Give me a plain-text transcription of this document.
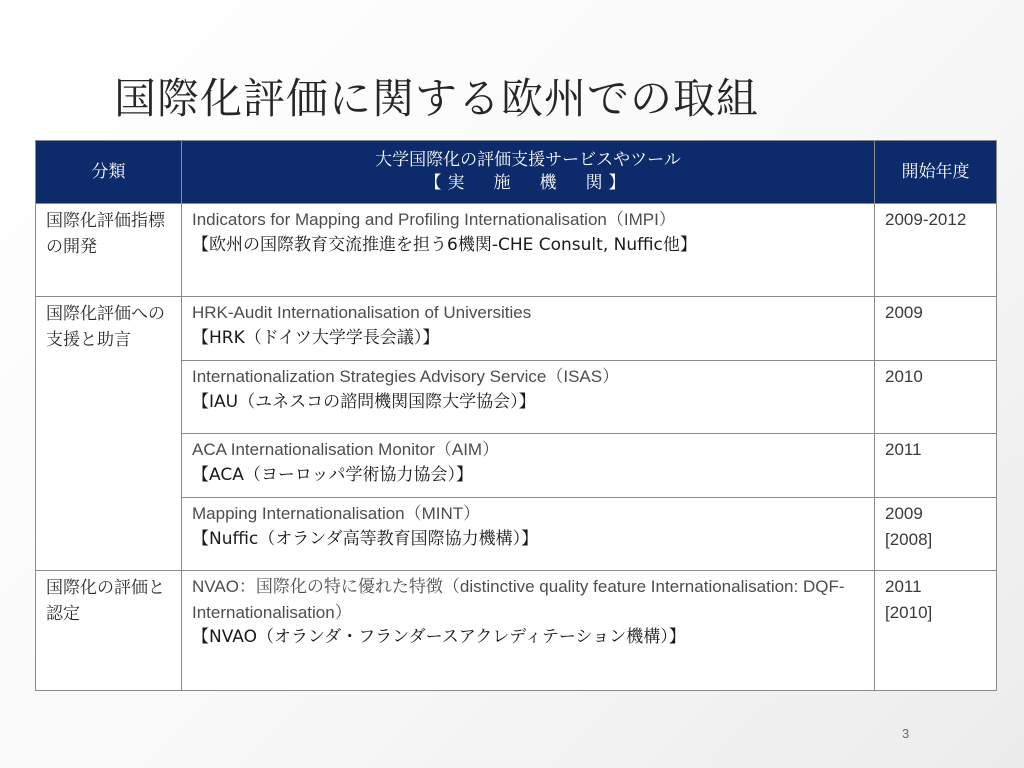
国際化評価に関する欧州での取組
分類	大学国際化の評価支援サービスやツール
【実　施　機　関】	開始年度
国際化評価指標の開発	Indicators for Mapping and Profiling Internationalisation（IMPI）
【欧州の国際教育交流推進を担う6機関-CHE Consult, Nuffic他】	2009-2012

国際化評価への支援と助言	HRK-Audit Internationalisation of Universities
【HRK（ドイツ大学学長会議）】	2009

	Internationalization Strategies Advisory Service（ISAS）
【IAU（ユネスコの諮問機関国際大学協会）】	2010

	ACA Internationalisation Monitor（AIM）
【ACA（ヨーロッパ学術協力協会）】	2011

	Mapping Internationalisation（MINT）
【Nuffic（オランダ高等教育国際協力機構）】	2009
[2008]

国際化の評価と認定	NVAO：国際化の特に優れた特徴（distinctive quality feature Internationalisation: DQF-Internationalisation）
【NVAO（オランダ・フランダースアクレディテーション機構）】	2011
[2010]
3
